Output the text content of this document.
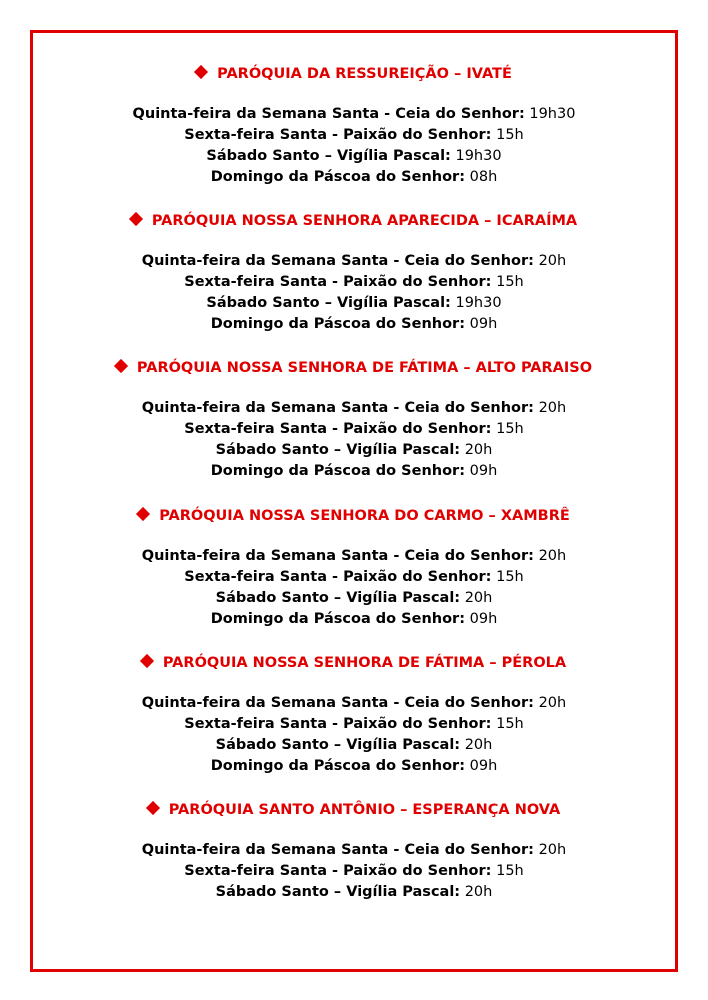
PARÓQUIA DA RESSUREIÇÃO – IVATÉ
Quinta-feira da Semana Santa - Ceia do Senhor: 19h30
Sexta-feira Santa - Paixão do Senhor: 15h
Sábado Santo – Vigília Pascal: 19h30
Domingo da Páscoa do Senhor: 08h
PARÓQUIA NOSSA SENHORA APARECIDA – ICARAÍMA
Quinta-feira da Semana Santa - Ceia do Senhor: 20h
Sexta-feira Santa - Paixão do Senhor: 15h
Sábado Santo – Vigília Pascal: 19h30
Domingo da Páscoa do Senhor: 09h
PARÓQUIA NOSSA SENHORA DE FÁTIMA – ALTO PARAISO
Quinta-feira da Semana Santa - Ceia do Senhor: 20h
Sexta-feira Santa - Paixão do Senhor: 15h
Sábado Santo – Vigília Pascal: 20h
Domingo da Páscoa do Senhor: 09h
PARÓQUIA NOSSA SENHORA DO CARMO – XAMBRÊ
Quinta-feira da Semana Santa - Ceia do Senhor: 20h
Sexta-feira Santa - Paixão do Senhor: 15h
Sábado Santo – Vigília Pascal: 20h
Domingo da Páscoa do Senhor: 09h
PARÓQUIA NOSSA SENHORA DE FÁTIMA – PÉROLA
Quinta-feira da Semana Santa - Ceia do Senhor: 20h
Sexta-feira Santa - Paixão do Senhor: 15h
Sábado Santo – Vigília Pascal: 20h
Domingo da Páscoa do Senhor: 09h
PARÓQUIA SANTO ANTÔNIO – ESPERANÇA NOVA
Quinta-feira da Semana Santa - Ceia do Senhor: 20h
Sexta-feira Santa - Paixão do Senhor: 15h
Sábado Santo – Vigília Pascal: 20h
